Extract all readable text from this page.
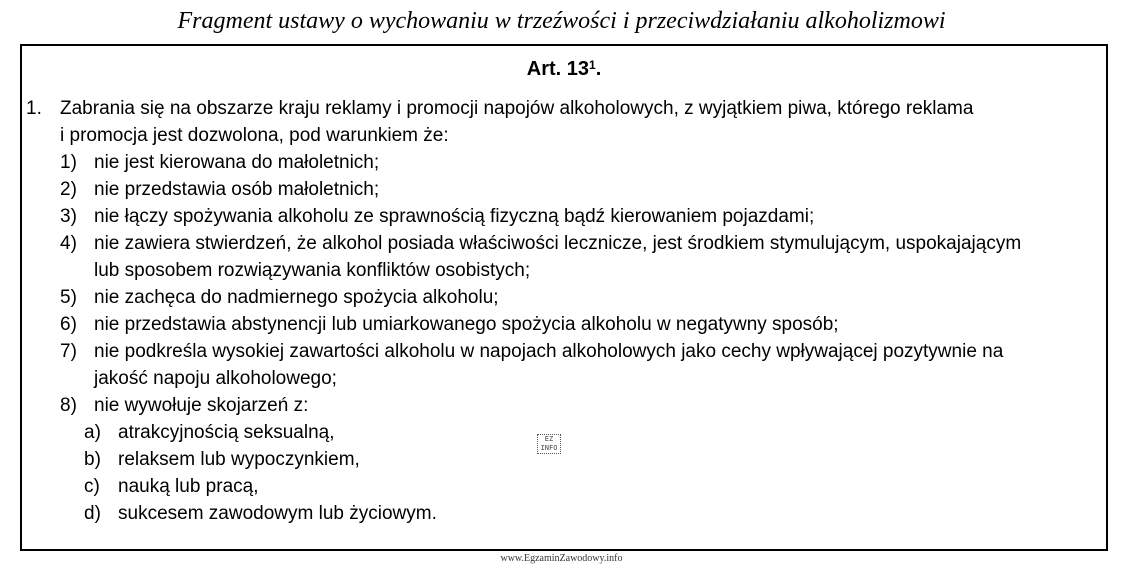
Fragment ustawy o wychowaniu w trzeźwości i przeciwdziałaniu alkoholizmowi
Art. $13^1$.
1. Zabrania się na obszarze kraju reklamy i promocji napojów alkoholowych, z wyjątkiem piwa, którego reklama
i promocja jest dozwolona, pod warunkiem że:
1) nie jest kierowana do małoletnich;
2) nie przedstawia osób małoletnich;
3) nie łączy spożywania alkoholu ze sprawnością fizyczną bądź kierowaniem pojazdami;
4) nie zawiera stwierdzeń, że alkohol posiada właściwości lecznicze, jest środkiem stymulującym, uspokajającym
lub sposobem rozwiązywania konfliktów osobistych;
5) nie zachęca do nadmiernego spożycia alkoholu;
6) nie przedstawia abstynencji lub umiarkowanego spożycia alkoholu w negatywny sposób;
7) nie podkreśla wysokiej zawartości alkoholu w napojach alkoholowych jako cechy wpływającej pozytywnie na
jakość napoju alkoholowego;
8) nie wywołuje skojarzeń z:
a) atrakcyjnością seksualną,
b) relaksem lub wypoczynkiem,
c) nauką lub pracą,
d) sukcesem zawodowym lub życiowym.
EZ
INFO
www.EgzaminZawodowy.info
